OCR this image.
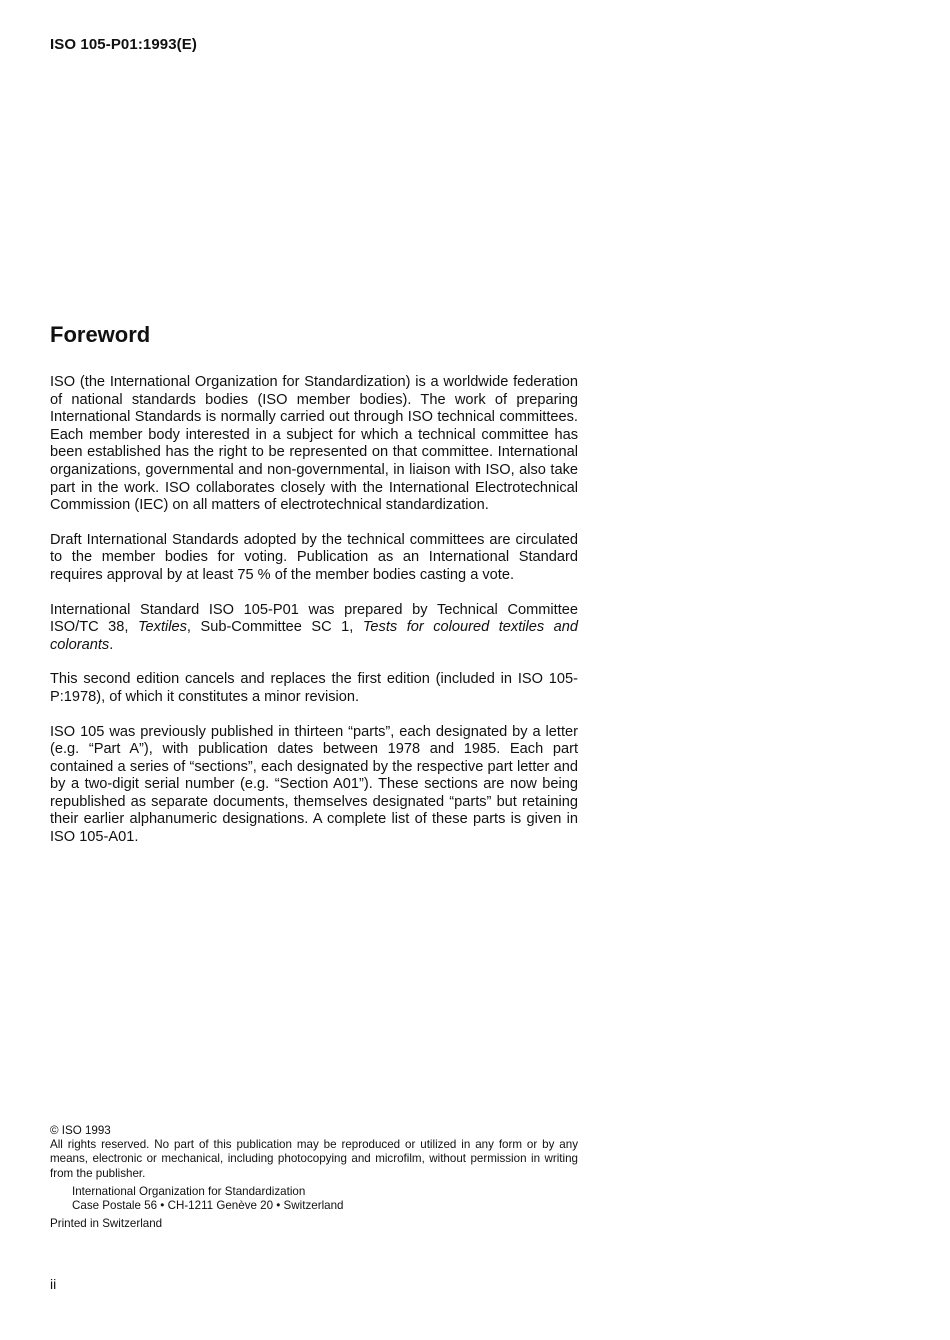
ISO 105-P01:1993(E)
Foreword

ISO (the International Organization for Standardization) is a worldwide federation of national standards bodies (ISO member bodies). The work of preparing International Standards is normally carried out through ISO technical committees. Each member body interested in a subject for which a technical committee has been established has the right to be represented on that committee. International organizations, governmental and non-governmental, in liaison with ISO, also take part in the work. ISO collaborates closely with the International Electrotechnical Commission (IEC) on all matters of electrotechnical standardization.

Draft International Standards adopted by the technical committees are circulated to the member bodies for voting. Publication as an International Standard requires approval by at least 75 % of the member bodies casting a vote.

International Standard ISO 105-P01 was prepared by Technical Committee ISO/TC 38, Textiles, Sub-Committee SC 1, Tests for coloured textiles and colorants.

This second edition cancels and replaces the first edition (included in ISO 105-P:1978), of which it constitutes a minor revision.

ISO 105 was previously published in thirteen “parts”, each designated by a letter (e.g. “Part A”), with publication dates between 1978 and 1985. Each part contained a series of “sections”, each designated by the respective part letter and by a two-digit serial number (e.g. “Section A01”). These sections are now being republished as separate documents, themselves designated “parts” but retaining their earlier alphanumeric designations. A complete list of these parts is given in ISO 105-A01.

© ISO 1993
All rights reserved. No part of this publication may be reproduced or utilized in any form or by any means, electronic or mechanical, including photocopying and microfilm, without permission in writing from the publisher.
International Organization for Standardization
Case Postale 56 • CH-1211 Genève 20 • Switzerland
Printed in Switzerland
ii
